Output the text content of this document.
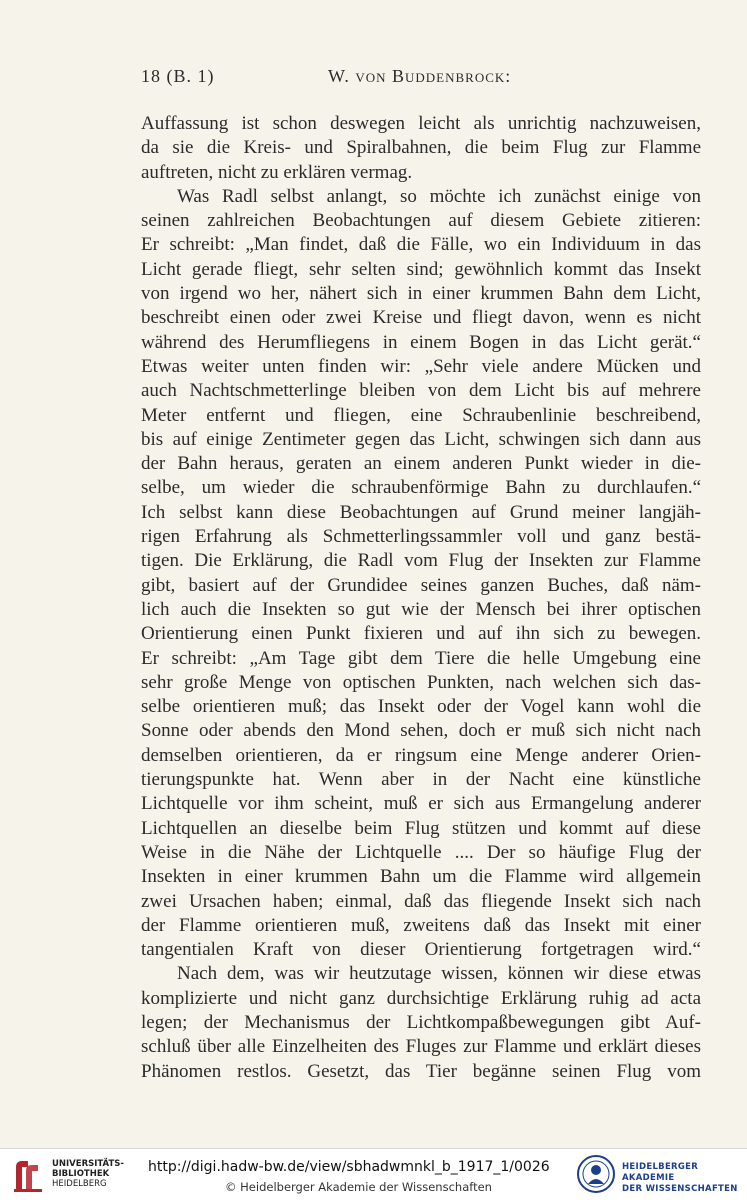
18 (B. 1)	W. von Buddenbrock:
Auffassung ist schon deswegen leicht als unrichtig nachzuweisen,
da sie die Kreis- und Spiralbahnen, die beim Flug zur Flamme
auftreten, nicht zu erklären vermag.
Was Radl selbst anlangt, so möchte ich zunächst einige von
seinen zahlreichen Beobachtungen auf diesem Gebiete zitieren:
Er schreibt: „Man findet, daß die Fälle, wo ein Individuum in das
Licht gerade fliegt, sehr selten sind; gewöhnlich kommt das Insekt
von irgend wo her, nähert sich in einer krummen Bahn dem Licht,
beschreibt einen oder zwei Kreise und fliegt davon, wenn es nicht
während des Herumfliegens in einem Bogen in das Licht gerät.“
Etwas weiter unten finden wir: „Sehr viele andere Mücken und
auch Nachtschmetterlinge bleiben von dem Licht bis auf mehrere
Meter entfernt und fliegen, eine Schraubenlinie beschreibend,
bis auf einige Zentimeter gegen das Licht, schwingen sich dann aus
der Bahn heraus, geraten an einem anderen Punkt wieder in die-
selbe, um wieder die schraubenförmige Bahn zu durchlaufen.“
Ich selbst kann diese Beobachtungen auf Grund meiner langjäh-
rigen Erfahrung als Schmetterlingssammler voll und ganz bestä-
tigen. Die Erklärung, die Radl vom Flug der Insekten zur Flamme
gibt, basiert auf der Grundidee seines ganzen Buches, daß näm-
lich auch die Insekten so gut wie der Mensch bei ihrer optischen
Orientierung einen Punkt fixieren und auf ihn sich zu bewegen.
Er schreibt: „Am Tage gibt dem Tiere die helle Umgebung eine
sehr große Menge von optischen Punkten, nach welchen sich das-
selbe orientieren muß; das Insekt oder der Vogel kann wohl die
Sonne oder abends den Mond sehen, doch er muß sich nicht nach
demselben orientieren, da er ringsum eine Menge anderer Orien-
tierungspunkte hat. Wenn aber in der Nacht eine künstliche
Lichtquelle vor ihm scheint, muß er sich aus Ermangelung anderer
Lichtquellen an dieselbe beim Flug stützen und kommt auf diese
Weise in die Nähe der Lichtquelle .... Der so häufige Flug der
Insekten in einer krummen Bahn um die Flamme wird allgemein
zwei Ursachen haben; einmal, daß das fliegende Insekt sich nach
der Flamme orientieren muß, zweitens daß das Insekt mit einer
tangentialen Kraft von dieser Orientierung fortgetragen wird.“
Nach dem, was wir heutzutage wissen, können wir diese etwas
komplizierte und nicht ganz durchsichtige Erklärung ruhig ad acta
legen; der Mechanismus der Lichtkompaßbewegungen gibt Auf-
schluß über alle Einzelheiten des Fluges zur Flamme und erklärt dieses
Phänomen restlos. Gesetzt, das Tier begänne seinen Flug vom
UNIVERSITÄTS-
BIBLIOTHEK
HEIDELBERG
http://digi.hadw-bw.de/view/sbhadwmnkl_b_1917_1/0026
© Heidelberger Akademie der Wissenschaften
HEIDELBERGER AKADEMIE
DER WISSENSCHAFTEN
